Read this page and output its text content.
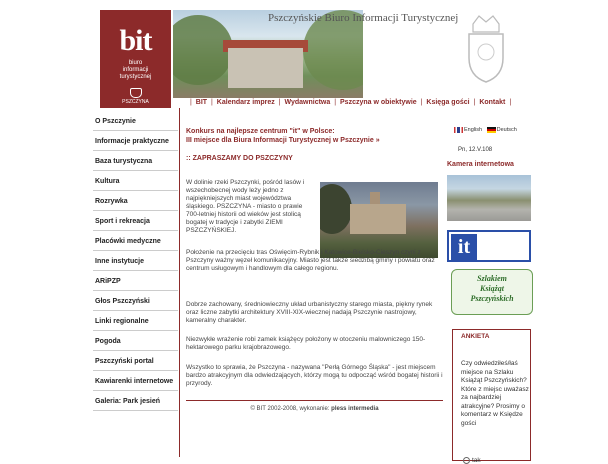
bit
biuro
informacji
turystycznej
PSZCZYNA
Pszczyńskie Biuro Informacji Turystycznej
| BIT | Kalendarz imprez | Wydawnictwa | Pszczyna w obiektywie | Księga gości | Kontakt |
O Pszczynie
Informacje praktyczne
Baza turystyczna
Kultura
Rozrywka
Sport i rekreacja
Placówki medyczne
Inne instytucje
ARiPZP
Głos Pszczyński
Linki regionalne
Pogoda
Pszczyński portal
Kawiarenki internetowe
Galeria: Park jesień
Konkurs na najlepsze centrum "it" w Polsce:
III miejsce dla Biura Informacji Turystycznej w Pszczynie »
:: ZAPRASZAMY DO PSZCZYNY
W dolinie rzeki Pszczynki, pośród lasów i wszechobecnej wody leży jedno z najpiękniejszych miast województwa śląskiego. PSZCZYNA - miasto o prawie 700-letniej historii od wieków jest stolicą bogatej w tradycje i zabytki ZIEMI PSZCZYŃSKIEJ.
Położenie na przecięciu tras Oświęcim-Rybnik i Katowice-Bielsko-Cieszyn czyni z Pszczyny ważny węzeł komunikacyjny. Miasto jest także siedzibą gminy i powiatu oraz centrum usługowym i handlowym dla całego regionu.
Dobrze zachowany, średniowieczny układ urbanistyczny starego miasta, piękny rynek oraz liczne zabytki architektury XVIII-XIX-wiecznej nadają Pszczynie nastrojowy, kameralny charakter.
Niezwykłe wrażenie robi zamek książęcy położony w otoczeniu malowniczego 150-hektarowego parku krajobrazowego.
Wszystko to sprawia, że Pszczyna - nazywana "Perłą Górnego Śląska" - jest miejscem bardzo atrakcyjnym dla odwiedzających, którzy mogą tu odpocząć wśród bogatej historii i przyrody.
© BIT 2002-2008, wykonanie: pless intermedia
English	Deutsch
Pn, 12.V.108
Kamera internetowa
it
Szlakiem
Książąt
Pszczyńskich
ANKIETA
Czy odwiedziłeś/łaś miejsce na Szlaku Książąt Pszczyńskich? Które z miejsc uważasz za najbardziej atrakcyjne? Prosimy o komentarz w Księdze gości
tak
